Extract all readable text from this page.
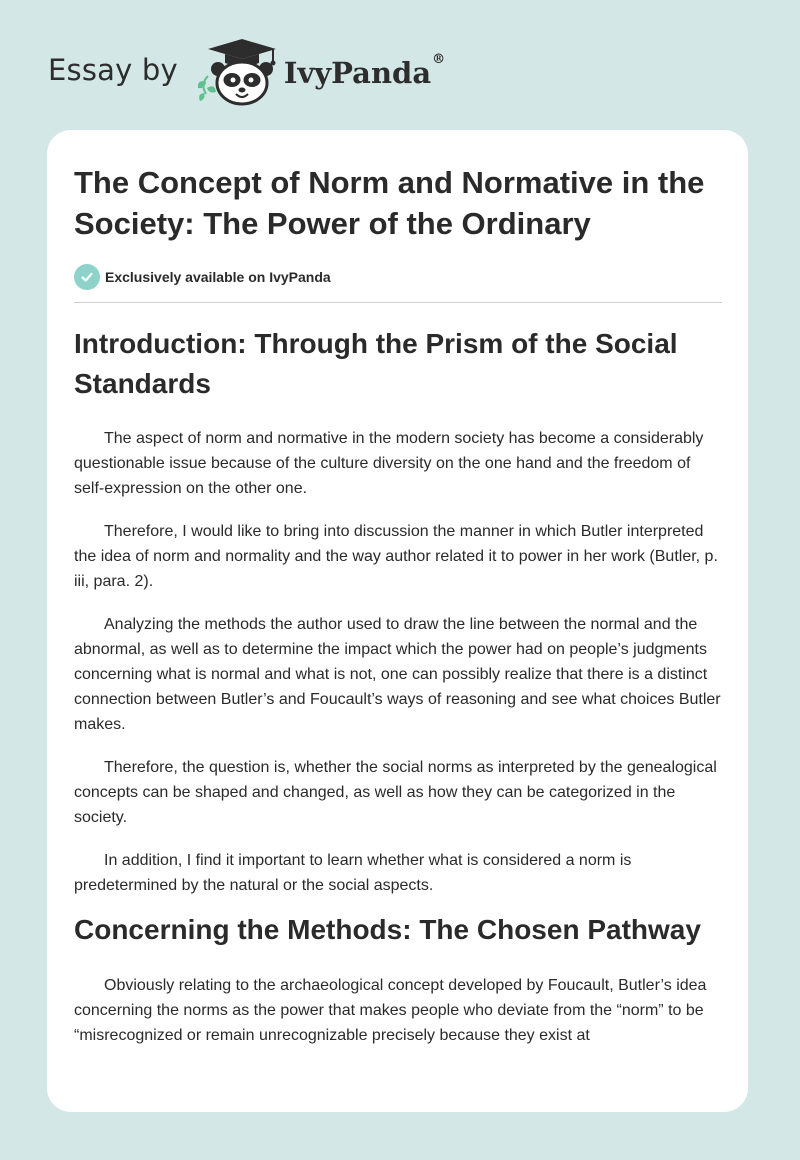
Essay by	IvyPanda®
The Concept of Norm and Normative in the Society: The Power of the Ordinary
Exclusively available on IvyPanda
Introduction: Through the Prism of the Social Standards

The aspect of norm and normative in the modern society has become a considerably questionable issue because of the culture diversity on the one hand and the freedom of self-expression on the other one.

Therefore, I would like to bring into discussion the manner in which Butler interpreted the idea of norm and normality and the way author related it to power in her work (Butler, p. iii, para. 2).

Analyzing the methods the author used to draw the line between the normal and the abnormal, as well as to determine the impact which the power had on people’s judgments concerning what is normal and what is not, one can possibly realize that there is a distinct connection between Butler’s and Foucault’s ways of reasoning and see what choices Butler makes.

Therefore, the question is, whether the social norms as interpreted by the genealogical concepts can be shaped and changed, as well as how they can be categorized in the society.

In addition, I find it important to learn whether what is considered a norm is predetermined by the natural or the social aspects.

Concerning the Methods: The Chosen Pathway

Obviously relating to the archaeological concept developed by Foucault, Butler’s idea concerning the norms as the power that makes people who deviate from the “norm” to be “misrecognized or remain unrecognizable precisely because they exist at
